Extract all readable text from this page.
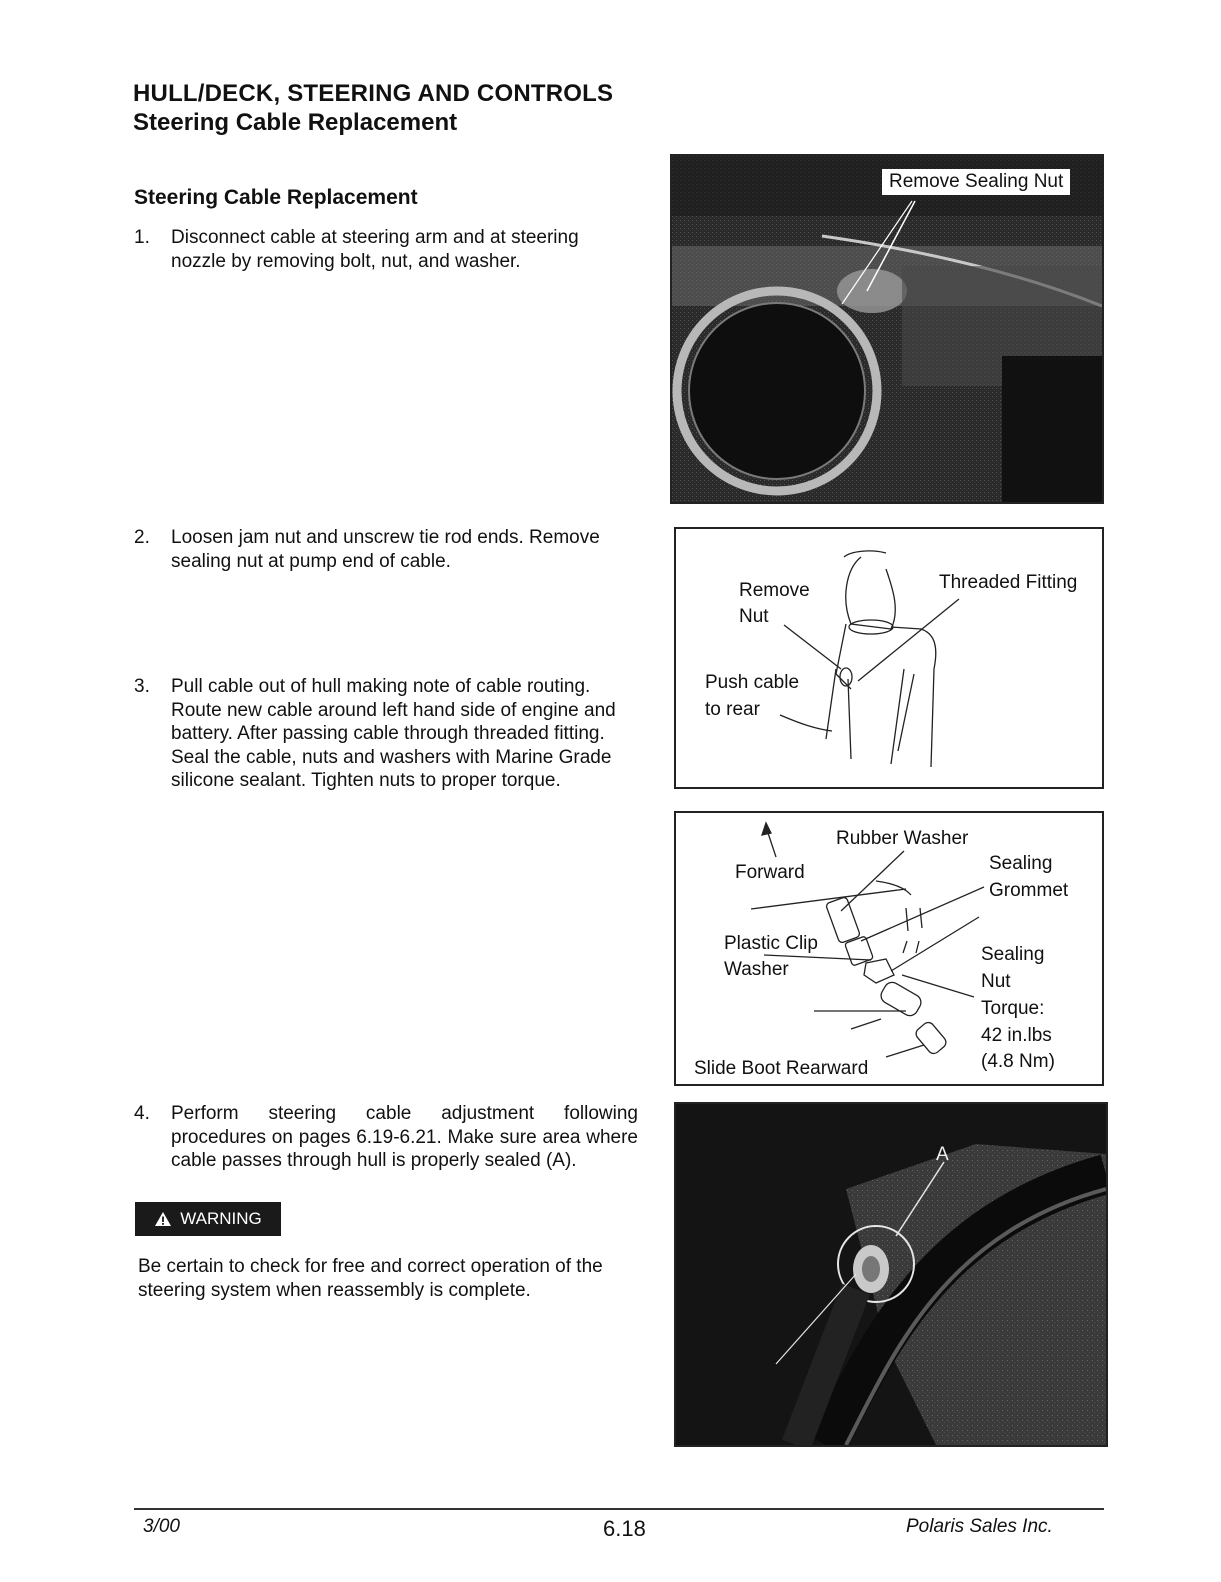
HULL/DECK, STEERING AND CONTROLS
Steering Cable Replacement
Steering Cable Replacement
1. Disconnect cable at steering arm and at steering nozzle by removing bolt, nut, and washer.
2. Loosen jam nut and unscrew tie rod ends. Remove sealing nut at pump end of cable.
3. Pull cable out of hull making note of cable routing. Route new cable around left hand side of engine and battery. After passing cable through threaded fitting. Seal the cable, nuts and washers with Marine Grade silicone sealant. Tighten nuts to proper torque.
4. Perform steering cable adjustment following procedures on pages 6.19-6.21. Make sure area where cable passes through hull is properly sealed (A).
WARNING
Be certain to check for free and correct operation of the steering system when reassembly is complete.
Remove Sealing Nut
Remove
Nut
Threaded Fitting
Push cable
to rear
Rubber Washer
Forward	Sealing
Grommet
Plastic Clip
Washer
Sealing
Nut
Torque:
42 in.lbs
(4.8 Nm)
Slide Boot Rearward
A
3/00	6.18	Polaris Sales Inc.
